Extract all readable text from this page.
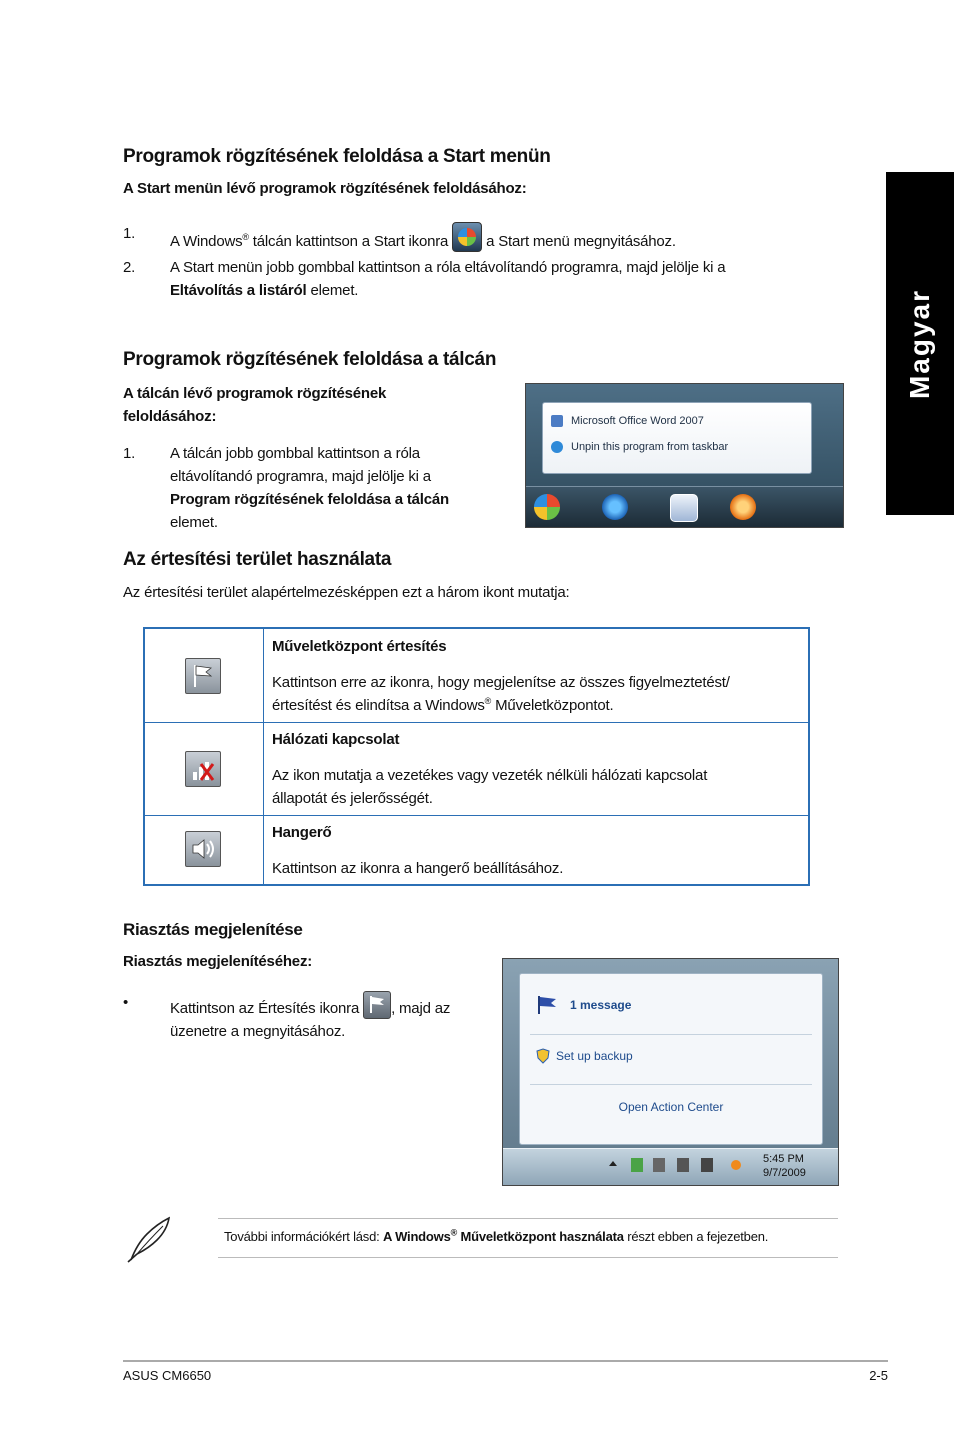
Magyar
Programok rögzítésének feloldása a Start menün
A Start menün lévő programok rögzítésének feloldásához:
1. A Windows® tálcán kattintson a Start ikonra  a Start menü megnyitásához.
2. A Start menün jobb gombbal kattintson a róla eltávolítandó programra, majd jelölje ki a
Eltávolítás a listáról elemet.
Programok rögzítésének feloldása a tálcán
A tálcán lévő programok rögzítésének
feloldásához:
1. A tálcán jobb gombbal kattintson a róla
eltávolítandó programra, majd jelölje ki a
Program rögzítésének feloldása a tálcán
elemet.
Microsoft Office Word 2007
Unpin this program from taskbar
Az értesítési terület használata
Az értesítési terület alapértelmezésképpen ezt a három ikont mutatja:
Műveletközpont értesítés
Kattintson erre az ikonra, hogy megjelenítse az összes figyelmeztetést/
értesítést és elindítsa a Windows® Műveletközpontot.
Hálózati kapcsolat
Az ikon mutatja a vezetékes vagy vezeték nélküli hálózati kapcsolat
állapotát és jelerősségét.
Hangerő
Kattintson az ikonra a hangerő beállításához.
Riasztás megjelenítése
Riasztás megjelenítéséhez:
•	Kattintson az Értesítés ikonra
, majd az
üzenetre a megnyitásához.
1 message
Set up backup
Open Action Center
5:45 PM
9/7/2009
További információkért lásd: A Windows® Műveletközpont használata részt ebben a fejezetben.
ASUS CM6650	2-5
